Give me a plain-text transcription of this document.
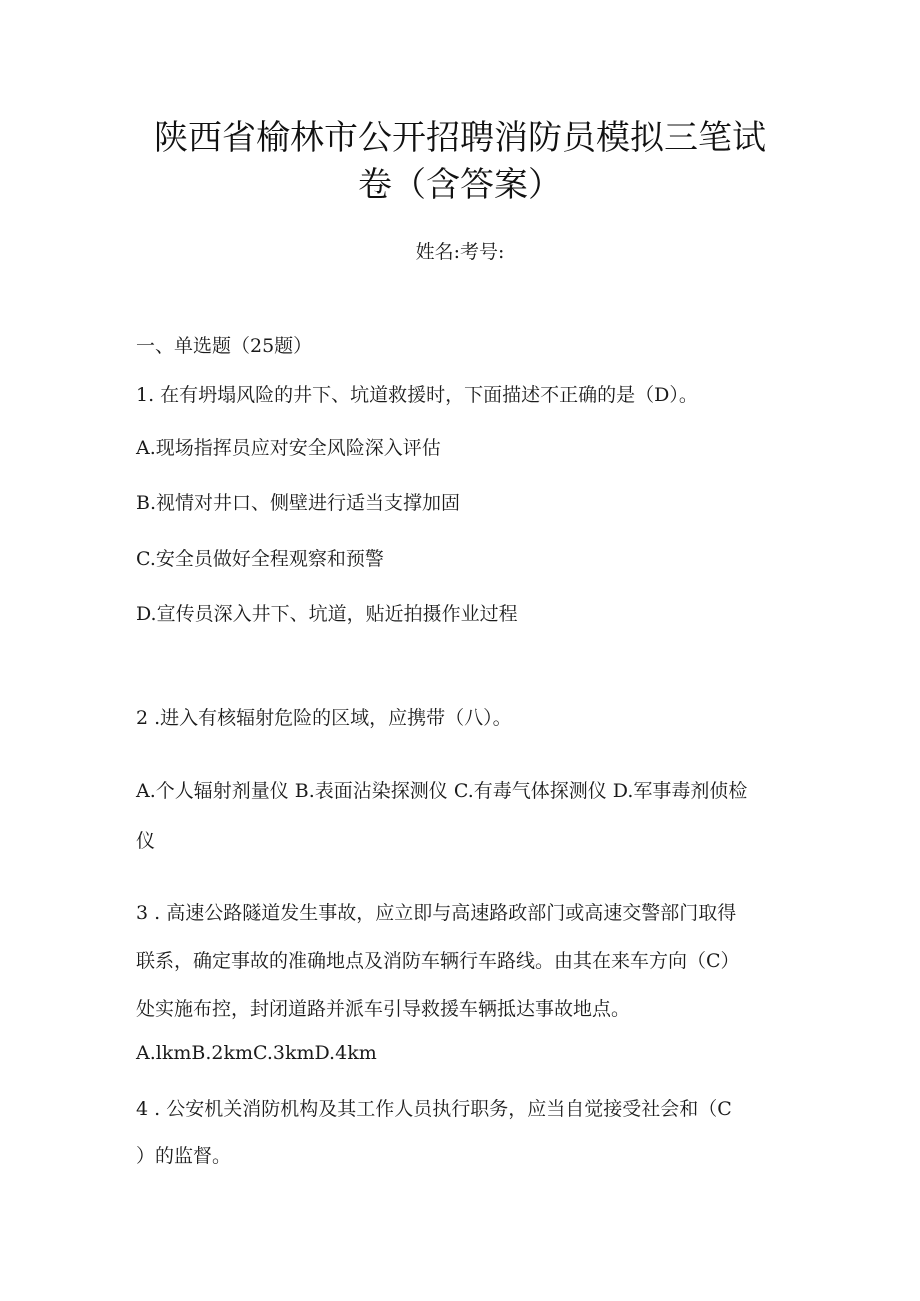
陕西省榆林市公开招聘消防员模拟三笔试
卷（含答案）
姓名:考号:
一、单选题（25题）
1. 在有坍塌风险的井下、坑道救援时，下面描述不正确的是（D）。
A.现场指挥员应对安全风险深入评估
B.视情对井口、侧壁进行适当支撑加固
C.安全员做好全程观察和预警
D.宣传员深入井下、坑道，贴近拍摄作业过程
2 .进入有核辐射危险的区域，应携带（八）。
A.个人辐射剂量仪 B.表面沾染探测仪 C.有毒气体探测仪 D.军事毒剂侦检
仪
3 . 高速公路隧道发生事故，应立即与高速路政部门或高速交警部门取得
联系，确定事故的准确地点及消防车辆行车路线。由其在来车方向（C）
处实施布控，封闭道路并派车引导救援车辆抵达事故地点。
A.lkmB.2kmC.3kmD.4km
4 . 公安机关消防机构及其工作人员执行职务，应当自觉接受社会和（C
）的监督。
